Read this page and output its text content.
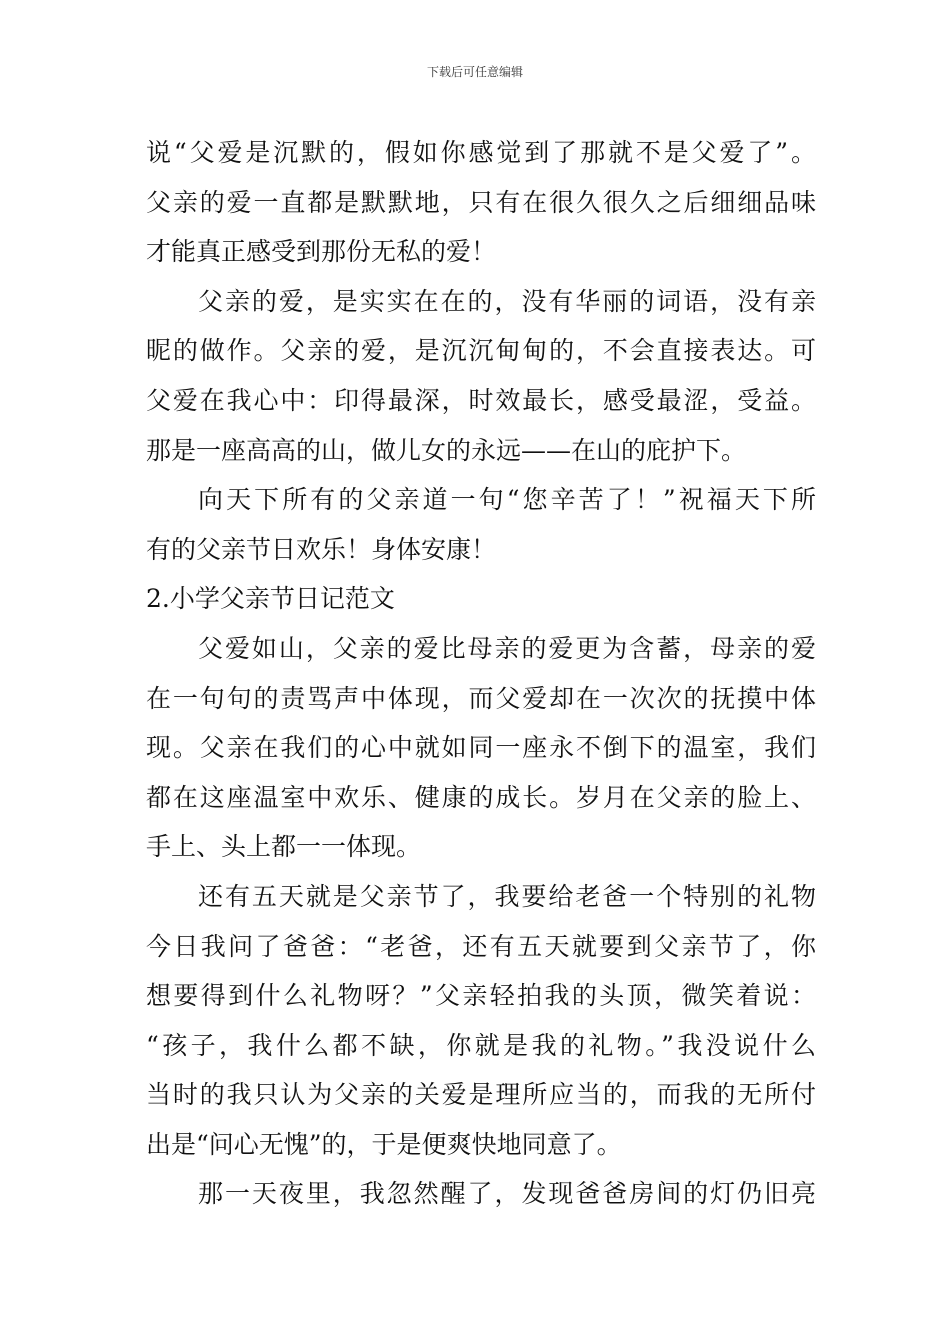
下载后可任意编辑
说“父爱是沉默的，假如你感觉到了那就不是父爱了”。
父亲的爱一直都是默默地，只有在很久很久之后细细品味
才能真正感受到那份无私的爱！
父亲的爱，是实实在在的，没有华丽的词语，没有亲
昵的做作。父亲的爱，是沉沉甸甸的，不会直接表达。可
父爱在我心中：印得最深，时效最长，感受最涩，受益。
那是一座高高的山，做儿女的永远——在山的庇护下。
向天下所有的父亲道一句“您辛苦了！”祝福天下所
有的父亲节日欢乐！身体安康！
2.小学父亲节日记范文
父爱如山，父亲的爱比母亲的爱更为含蓄，母亲的爱
在一句句的责骂声中体现，而父爱却在一次次的抚摸中体
现。父亲在我们的心中就如同一座永不倒下的温室，我们
都在这座温室中欢乐、健康的成长。岁月在父亲的脸上、
手上、头上都一一体现。
还有五天就是父亲节了，我要给老爸一个特别的礼物
今日我问了爸爸：“老爸，还有五天就要到父亲节了，你
想要得到什么礼物呀？”父亲轻拍我的头顶，微笑着说：
“孩子，我什么都不缺，你就是我的礼物。”我没说什么
当时的我只认为父亲的关爱是理所应当的，而我的无所付
出是“问心无愧”的，于是便爽快地同意了。
那一天夜里，我忽然醒了，发现爸爸房间的灯仍旧亮
